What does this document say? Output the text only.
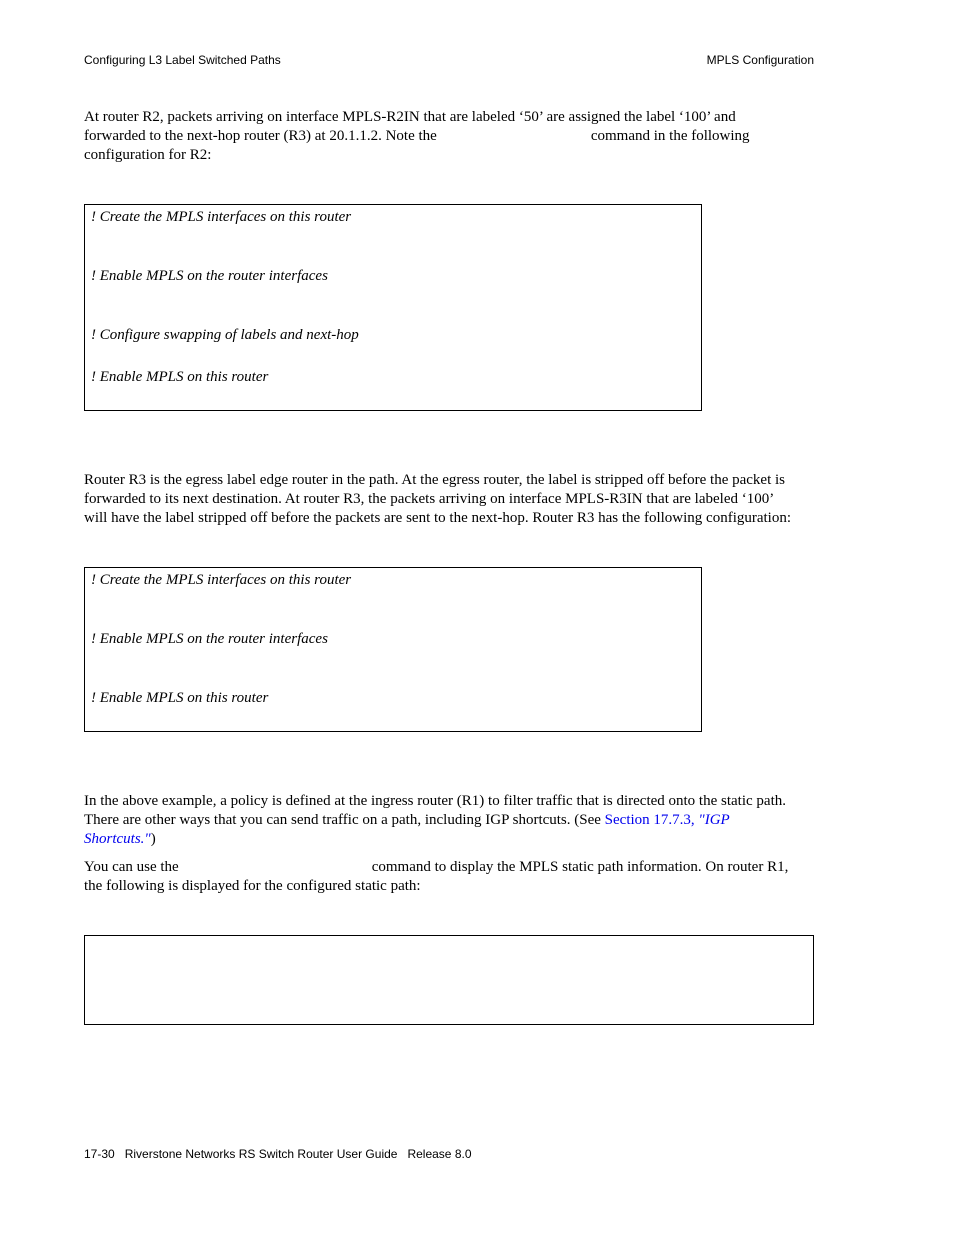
Configuring L3 Label Switched Paths	MPLS Configuration
At router R2, packets arriving on interface MPLS-R2IN that are labeled ‘50’ are assigned the label ‘100’ and
forwarded to the next-hop router (R3) at 20.1.1.2. Note the	command in the following
configuration for R2:
! Create the MPLS interfaces on this router
! Enable MPLS on the router interfaces
! Configure swapping of labels and next-hop
! Enable MPLS on this router
Router R3 is the egress label edge router in the path. At the egress router, the label is stripped off before the packet is
forwarded to its next destination. At router R3, the packets arriving on interface MPLS-R3IN that are labeled ‘100’
will have the label stripped off before the packets are sent to the next-hop. Router R3 has the following configuration:
! Create the MPLS interfaces on this router
! Enable MPLS on the router interfaces
! Enable MPLS on this router
In the above example, a policy is defined at the ingress router (R1) to filter traffic that is directed onto the static path.
There are other ways that you can send traffic on a path, including IGP shortcuts. (See Section 17.7.3, "IGP
Shortcuts.")
You can use the	command to display the MPLS static path information. On router R1,
the following is displayed for the configured static path:
17-30   Riverstone Networks RS Switch Router User Guide   Release 8.0
